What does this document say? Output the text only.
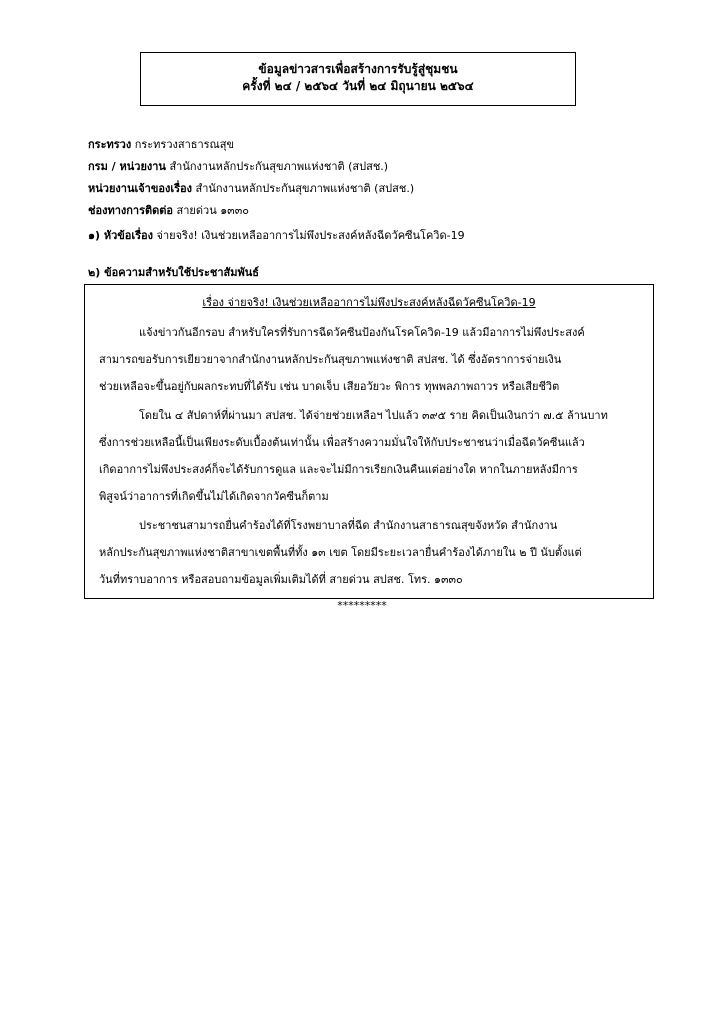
ข้อมูลข่าวสารเพื่อสร้างการรับรู้สู่ชุมชน
ครั้งที่ ๒๔ / ๒๕๖๔ วันที่ ๒๔ มิถุนายน ๒๕๖๔
กระทรวง กระทรวงสาธารณสุข
กรม / หน่วยงาน สำนักงานหลักประกันสุขภาพแห่งชาติ (สปสช.)
หน่วยงานเจ้าของเรื่อง สำนักงานหลักประกันสุขภาพแห่งชาติ (สปสช.)
ช่องทางการติดต่อ สายด่วน ๑๓๓๐
๑) หัวข้อเรื่อง จ่ายจริง! เงินช่วยเหลืออาการไม่พึงประสงค์หลังฉีดวัคซีนโควิด-19
๒) ข้อความสำหรับใช้ประชาสัมพันธ์
เรื่อง จ่ายจริง! เงินช่วยเหลืออาการไม่พึงประสงค์หลังฉีดวัคซีนโควิด-19
แจ้งข่าวกันอีกรอบ สำหรับใครที่รับการฉีดวัคซีนป้องกันโรคโควิด-19 แล้วมีอาการไม่พึงประสงค์
สามารถขอรับการเยียวยาจากสำนักงานหลักประกันสุขภาพแห่งชาติ สปสช. ได้ ซึ่งอัตราการจ่ายเงิน
ช่วยเหลือจะขึ้นอยู่กับผลกระทบที่ได้รับ เช่น บาดเจ็บ เสียอวัยวะ พิการ ทุพพลภาพถาวร หรือเสียชีวิต
โดยใน ๔ สัปดาห์ที่ผ่านมา สปสช. ได้จ่ายช่วยเหลือฯ ไปแล้ว ๓๙๕ ราย คิดเป็นเงินกว่า ๗.๕ ล้านบาท
ซึ่งการช่วยเหลือนี้เป็นเพียงระดับเบื้องต้นเท่านั้น เพื่อสร้างความมั่นใจให้กับประชาชนว่าเมื่อฉีดวัคซีนแล้ว
เกิดอาการไม่พึงประสงค์ก็จะได้รับการดูแล และจะไม่มีการเรียกเงินคืนแต่อย่างใด หากในภายหลังมีการ
พิสูจน์ว่าอาการที่เกิดขึ้นไม่ได้เกิดจากวัคซีนก็ตาม
ประชาชนสามารถยื่นคำร้องได้ที่โรงพยาบาลที่ฉีด สำนักงานสาธารณสุขจังหวัด สำนักงาน
หลักประกันสุขภาพแห่งชาติสาขาเขตพื้นที่ทั้ง ๑๓ เขต โดยมีระยะเวลายื่นคำร้องได้ภายใน ๒ ปี นับตั้งแต่
วันที่ทราบอาการ หรือสอบถามข้อมูลเพิ่มเติมได้ที่ สายด่วน สปสช. โทร. ๑๓๓๐
*********
